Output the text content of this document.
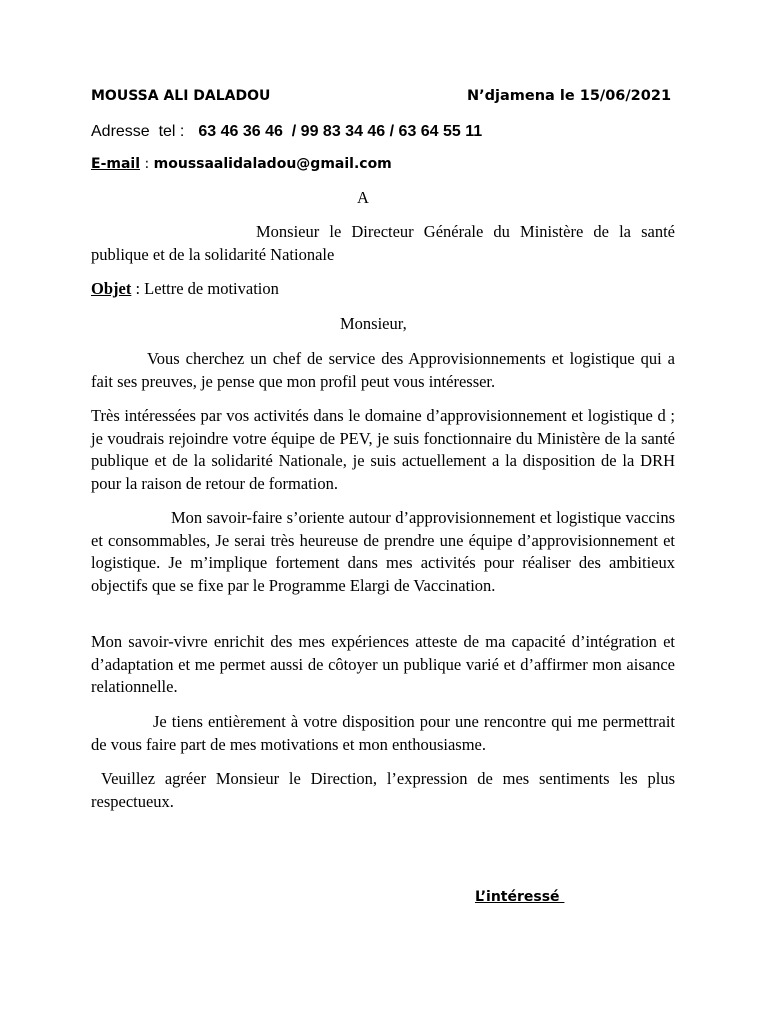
MOUSSA ALI DALADOU	N’djamena le 15/06/2021
Adresse  tel : 63 46 36 46  / 99 83 34 46 / 63 64 55 11
E-mail : moussaalidaladou@gmail.com
A
Monsieur le Directeur Générale du Ministère de la santé publique et de la solidarité Nationale
Objet : Lettre de motivation
Monsieur,
Vous cherchez un chef de service des Approvisionnements et logistique qui a fait ses preuves, je pense que mon profil peut vous intéresser.
Très intéressées par vos activités dans le domaine d’approvisionnement et logistique d ; je voudrais rejoindre votre équipe de PEV, je suis fonctionnaire du Ministère de la santé publique et de la solidarité Nationale, je suis actuellement a la disposition de la DRH pour la raison de retour de formation.
Mon savoir-faire s’oriente autour d’approvisionnement et logistique vaccins et consommables, Je serai très heureuse de prendre une équipe d’approvisionnement et logistique. Je m’implique fortement dans mes activités pour réaliser des ambitieux objectifs que se fixe par le Programme Elargi de Vaccination.
Mon savoir-vivre enrichit des mes expériences atteste de ma capacité d’intégration et d’adaptation et me permet aussi de côtoyer un publique varié et d’affirmer mon aisance relationnelle.
Je tiens entièrement à votre disposition pour une rencontre qui me permettrait de vous faire part de mes motivations et mon enthousiasme.
Veuillez agréer Monsieur le Direction, l’expression de mes sentiments les plus respectueux.
L’intéressé
